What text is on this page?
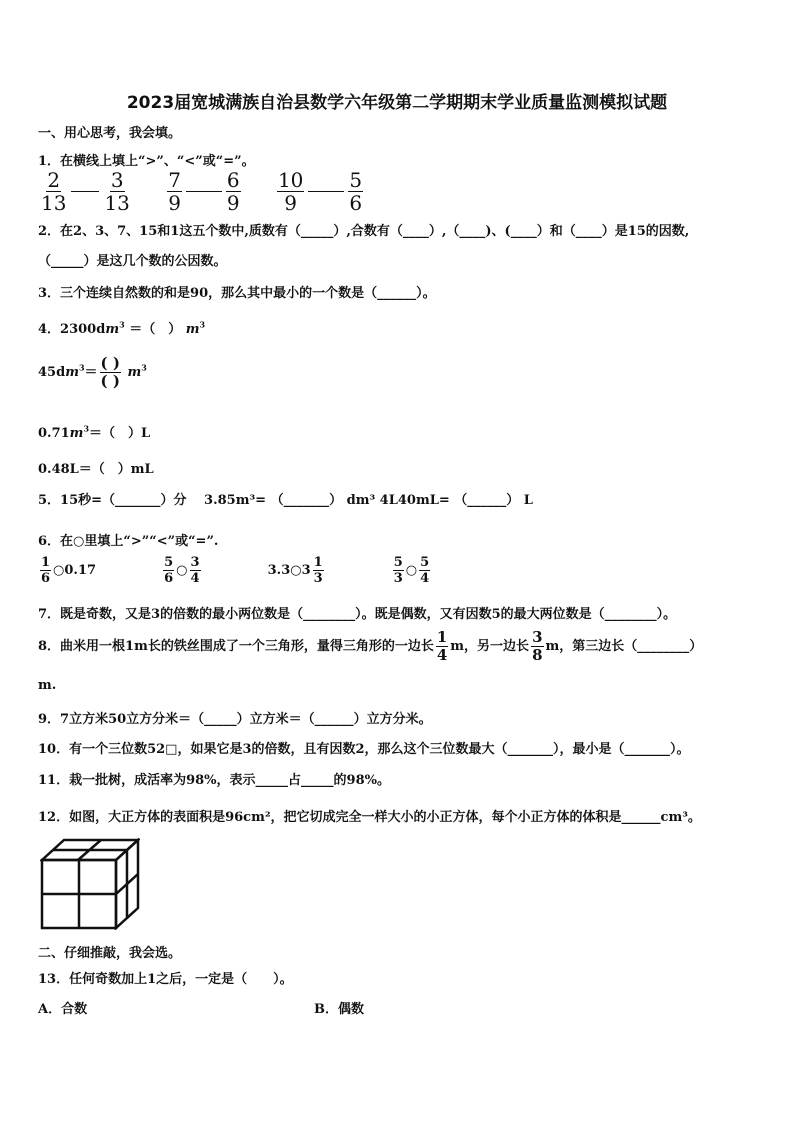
2023届宽城满族自治县数学六年级第二学期期末学业质量监测模拟试题
一、用心思考，我会填。
1．在横线上填上“>”、“<”或“=”。
$\frac{2}{13} \frac{3}{13}$
$\frac{7}{9} \frac{6}{9}$
$\frac{10}{9} \frac{5}{6}$
2．在2、3、7、15和1这五个数中,质数有（_____）,合数有（____）,（____)、(____）和（____）是15的因数,
（_____）是这几个数的公因数。
3．三个连续自然数的和是90，那么其中最小的一个数是（______）。
4．$2300dm^3$ ＝（　） $m^3$
$45dm^3= \frac{( )}{( )} m^3$
$0.71m^3=$（　）L
0.48L＝（　）mL
5．15秒=（_______）分　 3.85m³= （_______） dm³ 4L40mL= （______） L
6．在○里填上“>”“<”或“=”.
$\frac{1}{6}$ ○0.17	$\frac{5}{6}$ ○ $\frac{3}{4}$	3.3○3 $\frac{1}{3}$
	$\frac{5}{3}$ ○ $\frac{5}{4}$
7．既是奇数，又是3的倍数的最小两位数是（________）。既是偶数，又有因数5的最大两位数是（________）。
8．曲米用一根1m长的铁丝围成了一个三角形，量得三角形的一边长 $\frac{1}{4}$ m，另一边长 $\frac{3}{8}$ m，第三边长（________）
m.
9．7立方米50立方分米＝（_____）立方米＝（______）立方分米。
10．有一个三位数52□，如果它是3的倍数，且有因数2，那么这个三位数最大（_______），最小是（_______）。
11．栽一批树，成活率为98%，表示_____占_____的98%。
12．如图，大正方体的表面积是96cm²，把它切成完全一样大小的小正方体，每个小正方体的体积是______cm³。
二、仔细推敲，我会选。
13．任何奇数加上1之后，一定是（　　）。
A．合数	B．偶数
